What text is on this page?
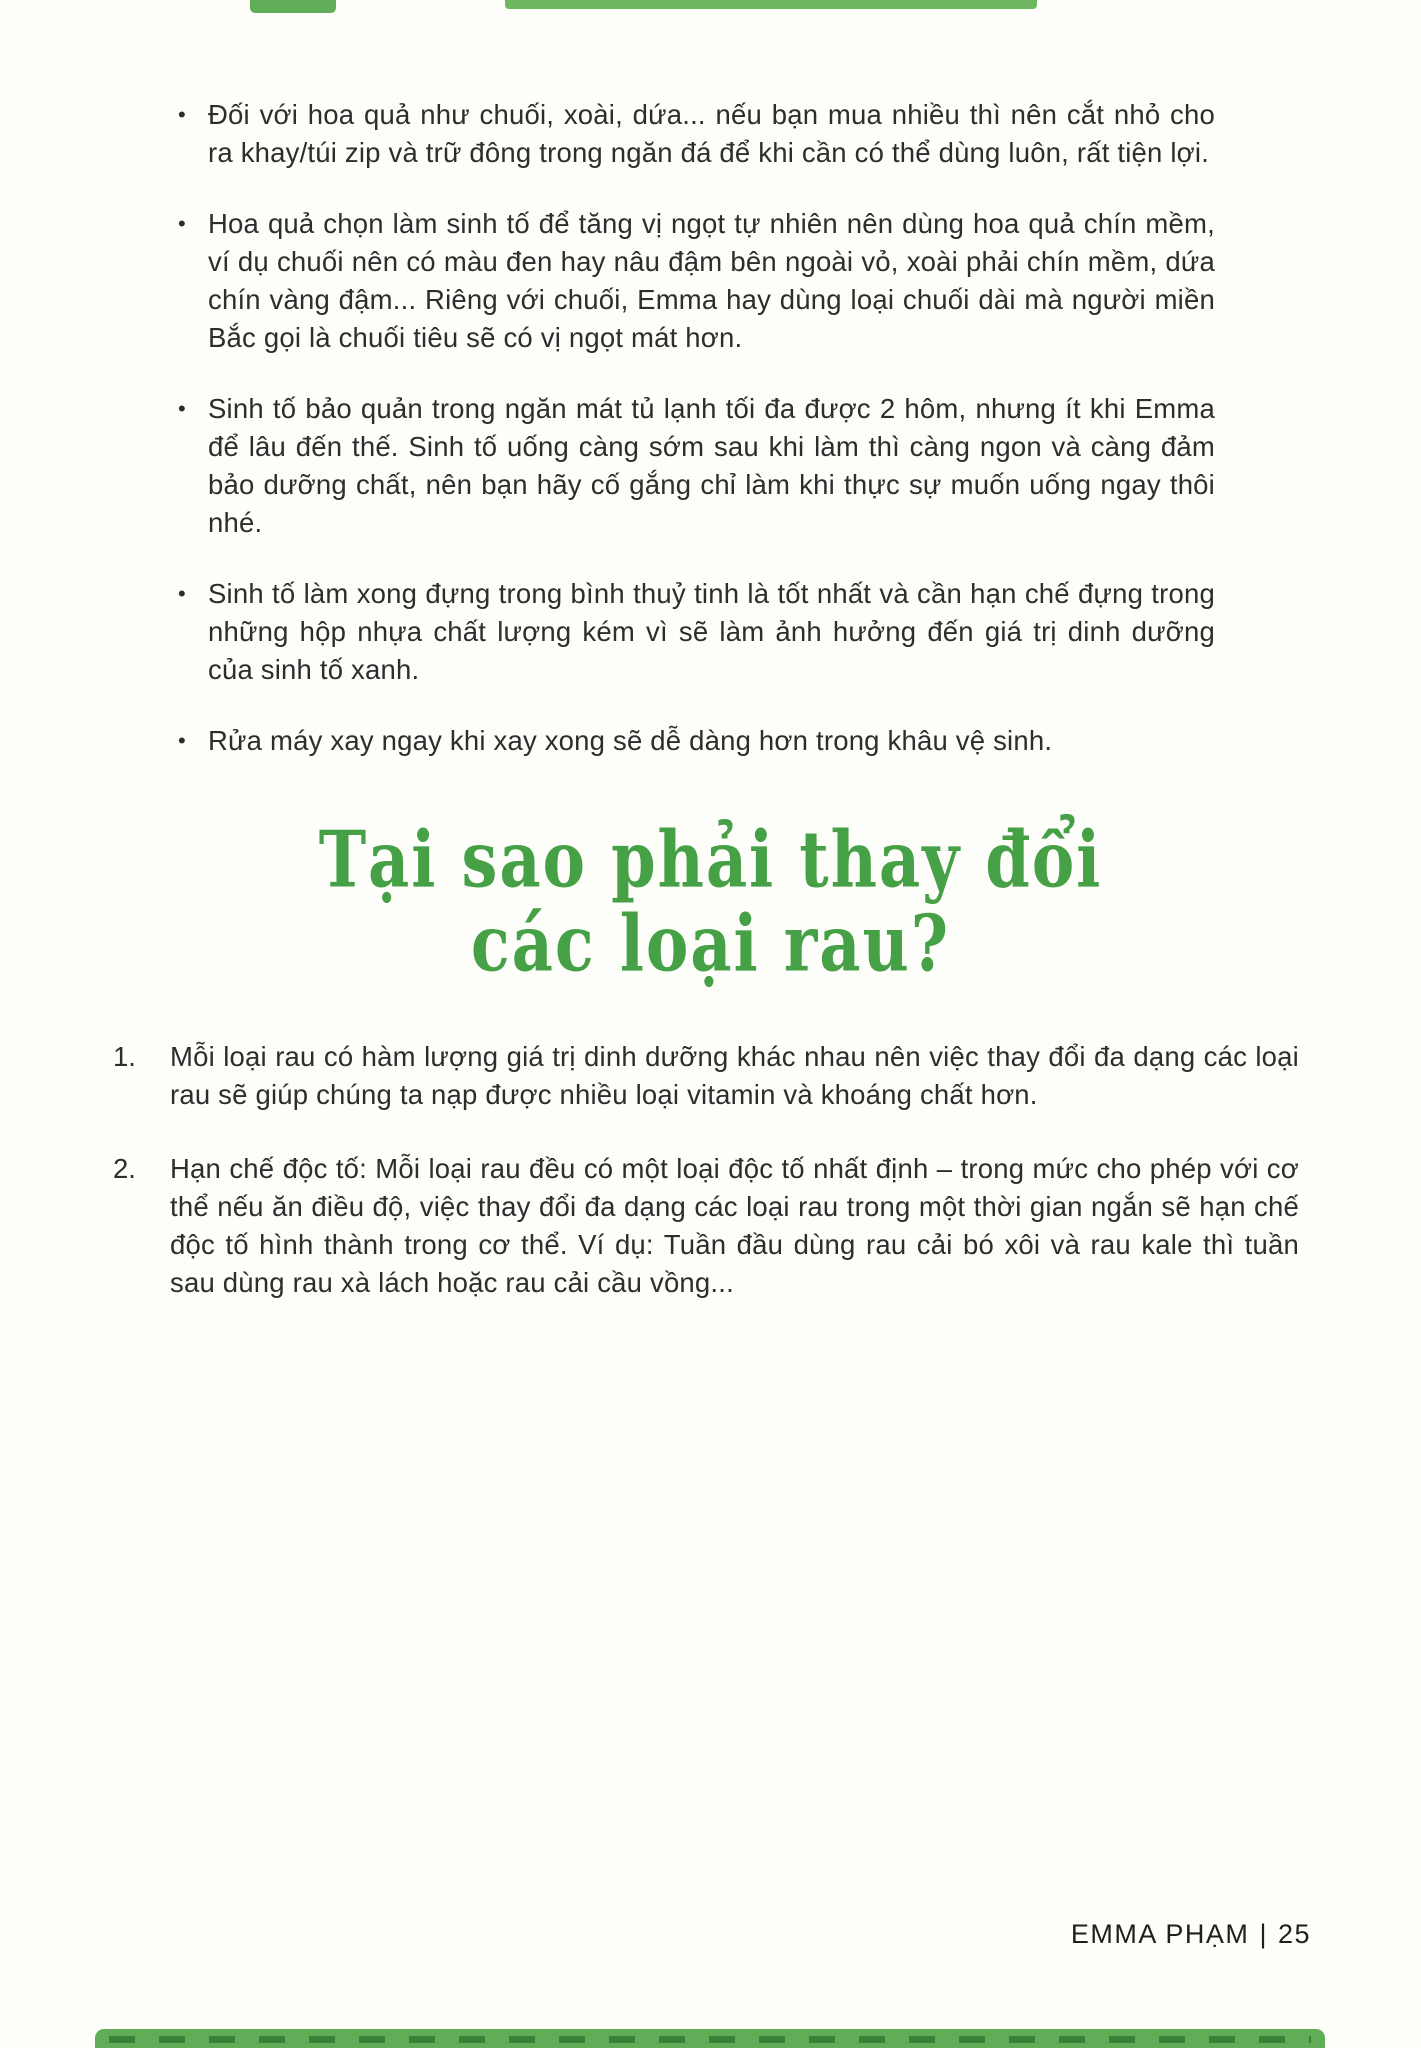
• Đối với hoa quả như chuối, xoài, dứa... nếu bạn mua nhiều thì nên cắt nhỏ cho ra khay/túi zip và trữ đông trong ngăn đá để khi cần có thể dùng luôn, rất tiện lợi.

• Hoa quả chọn làm sinh tố để tăng vị ngọt tự nhiên nên dùng hoa quả chín mềm, ví dụ chuối nên có màu đen hay nâu đậm bên ngoài vỏ, xoài phải chín mềm, dứa chín vàng đậm... Riêng với chuối, Emma hay dùng loại chuối dài mà người miền Bắc gọi là chuối tiêu sẽ có vị ngọt mát hơn.

• Sinh tố bảo quản trong ngăn mát tủ lạnh tối đa được 2 hôm, nhưng ít khi Emma để lâu đến thế. Sinh tố uống càng sớm sau khi làm thì càng ngon và càng đảm bảo dưỡng chất, nên bạn hãy cố gắng chỉ làm khi thực sự muốn uống ngay thôi nhé.

• Sinh tố làm xong đựng trong bình thuỷ tinh là tốt nhất và cần hạn chế đựng trong những hộp nhựa chất lượng kém vì sẽ làm ảnh hưởng đến giá trị dinh dưỡng của sinh tố xanh.

• Rửa máy xay ngay khi xay xong sẽ dễ dàng hơn trong khâu vệ sinh.

Tại sao phải thay đổi
các loại rau?
1.	Mỗi loại rau có hàm lượng giá trị dinh dưỡng khác nhau nên việc thay đổi đa dạng các loại rau sẽ giúp chúng ta nạp được nhiều loại vitamin và khoáng chất hơn.

2.	Hạn chế độc tố: Mỗi loại rau đều có một loại độc tố nhất định – trong mức cho phép với cơ thể nếu ăn điều độ, việc thay đổi đa dạng các loại rau trong một thời gian ngắn sẽ hạn chế độc tố hình thành trong cơ thể. Ví dụ: Tuần đầu dùng rau cải bó xôi và rau kale thì tuần sau dùng rau xà lách hoặc rau cải cầu vồng...

EMMA PHẠM | 25
